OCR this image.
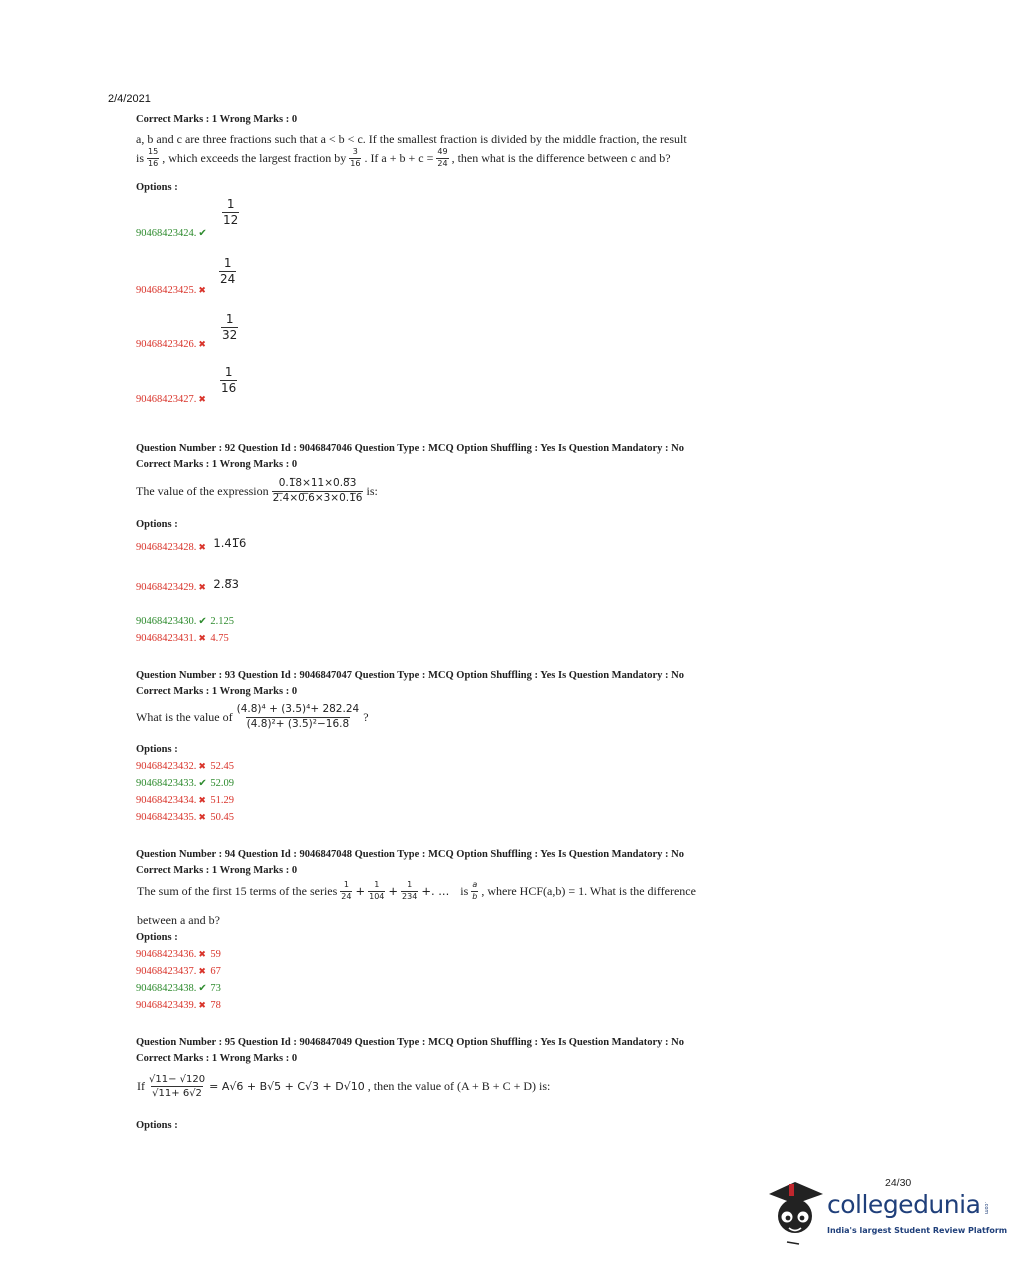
2/4/2021
Correct Marks : 1 Wrong Marks : 0
a, b and c are three fractions such that a < b < c. If the smallest fraction is divided by the middle fraction, the result
is $\frac{15}{16}$ , which exceeds the largest fraction by $\frac{3}{16}$ . If $a + b + c = \frac{49}{24}$ , then what is the difference between c and b?
Options :
90468423424. ✔
$\frac{1}{12}$
90468423425. ✖
$\frac{1}{24}$
90468423426. ✖
$\frac{1}{32}$
90468423427. ✖
$\frac{1}{16}$
Question Number : 92 Question Id : 9046847046 Question Type : MCQ Option Shuffling : Yes Is Question Mandatory : No
Correct Marks : 1 Wrong Marks : 0
The value of the expression $\frac{0.1̅8\times 11\times 0.8̅3}{2.̅4\times 0.̅6\times 3\times 0.1̅6}$ is:
Options :
90468423428. ✖ 1.41̅6
90468423429. ✖ 2.8̅3
90468423430. ✔ 2.125
90468423431. ✖ 4.75
Question Number : 93 Question Id : 9046847047 Question Type : MCQ Option Shuffling : Yes Is Question Mandatory : No
Correct Marks : 1 Wrong Marks : 0
What is the value of $\frac{\text{(4.8)⁴ + (3.5)⁴+ 282.24}}{\text{(4.8)²+ (3.5)²−16.8}}$ ?
Options :
90468423432. ✖ 52.45
90468423433. ✔ 52.09
90468423434. ✖ 51.29
90468423435. ✖ 50.45
Question Number : 94 Question Id : 9046847048 Question Type : MCQ Option Shuffling : Yes Is Question Mandatory : No
Correct Marks : 1 Wrong Marks : 0
The sum of the first 15 terms of the series $\frac{1}{24} + \frac{1}{104} + \frac{1}{234}$ +. ... is $\frac{a}{b}$ , where HCF(a,b) = 1. What is the difference
between a and b?
Options :
90468423436. ✖ 59
90468423437. ✖ 67
90468423438. ✔ 73
90468423439. ✖ 78
Question Number : 95 Question Id : 9046847049 Question Type : MCQ Option Shuffling : Yes Is Question Mandatory : No
Correct Marks : 1 Wrong Marks : 0
If $\frac{√11- √120}{√11+ 6√2} = A√6 + B√5 + C√3 + D√10$ , then the value of (A + B + C + D) is:
Options :
24/30
collegedunia .com
India's largest Student Review Platform
